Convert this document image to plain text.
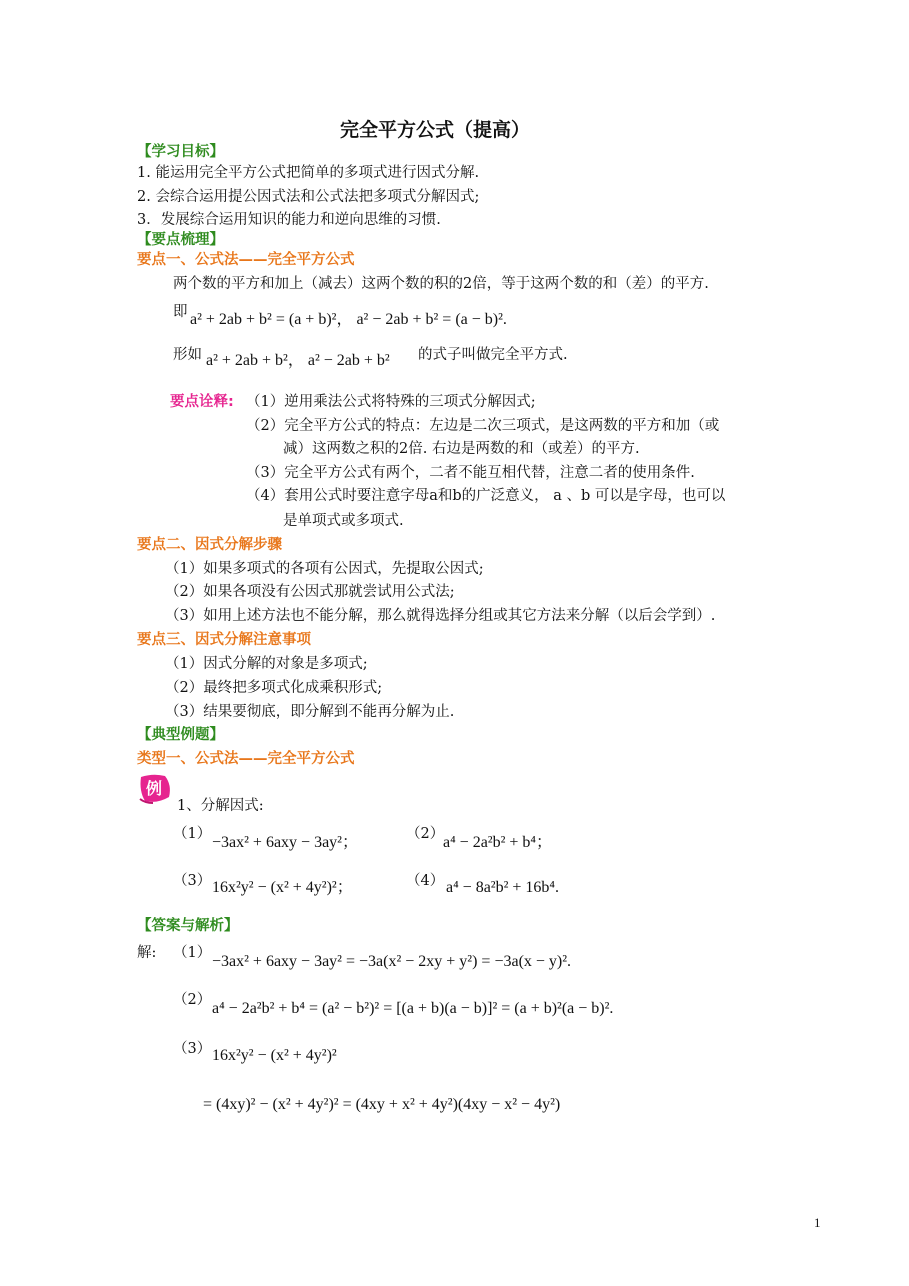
完全平方公式（提高）
【学习目标】
1. 能运用完全平方公式把简单的多项式进行因式分解.
2. 会综合运用提公因式法和公式法把多项式分解因式;
3．发展综合运用知识的能力和逆向思维的习惯.
【要点梳理】
要点一、公式法——完全平方公式
两个数的平方和加上（减去）这两个数的积的2倍，等于这两个数的和（差）的平方.
即 a² + 2ab + b² = (a + b)²， a² − 2ab + b² = (a − b)².
形如 a² + 2ab + b²， a² − 2ab + b² 的式子叫做完全平方式.
要点诠释: （1）逆用乘法公式将特殊的三项式分解因式;
（2）完全平方公式的特点：左边是二次三项式，是这两数的平方和加（或
减）这两数之积的2倍. 右边是两数的和（或差）的平方.
（3）完全平方公式有两个，二者不能互相代替，注意二者的使用条件.
（4）套用公式时要注意字母a和b的广泛意义， a 、b 可以是字母，也可以
是单项式或多项式.
要点二、因式分解步骤
（1）如果多项式的各项有公因式，先提取公因式;
（2）如果各项没有公因式那就尝试用公式法;
（3）如用上述方法也不能分解，那么就得选择分组或其它方法来分解（以后会学到）.
要点三、因式分解注意事项
（1）因式分解的对象是多项式;
（2）最终把多项式化成乘积形式;
（3）结果要彻底，即分解到不能再分解为止.
【典型例题】
类型一、公式法——完全平方公式
例
1、分解因式:
（1） −3ax² + 6axy − 3ay²；	（2）
a⁴ − 2a²b² + b⁴；
（3） 16x²y² − (x² + 4y²)²；	（4） a⁴ − 8a²b² + 16b⁴.
【答案与解析】
解: （1） −3ax² + 6axy − 3ay² = −3a(x² − 2xy + y²) = −3a(x − y)².
（2） a⁴ − 2a²b² + b⁴ = (a² − b²)² = [(a + b)(a − b)]² = (a + b)²(a − b)².
（3） 16x²y² − (x² + 4y²)²
= (4xy)² − (x² + 4y²)² = (4xy + x² + 4y²)(4xy − x² − 4y²)
1
